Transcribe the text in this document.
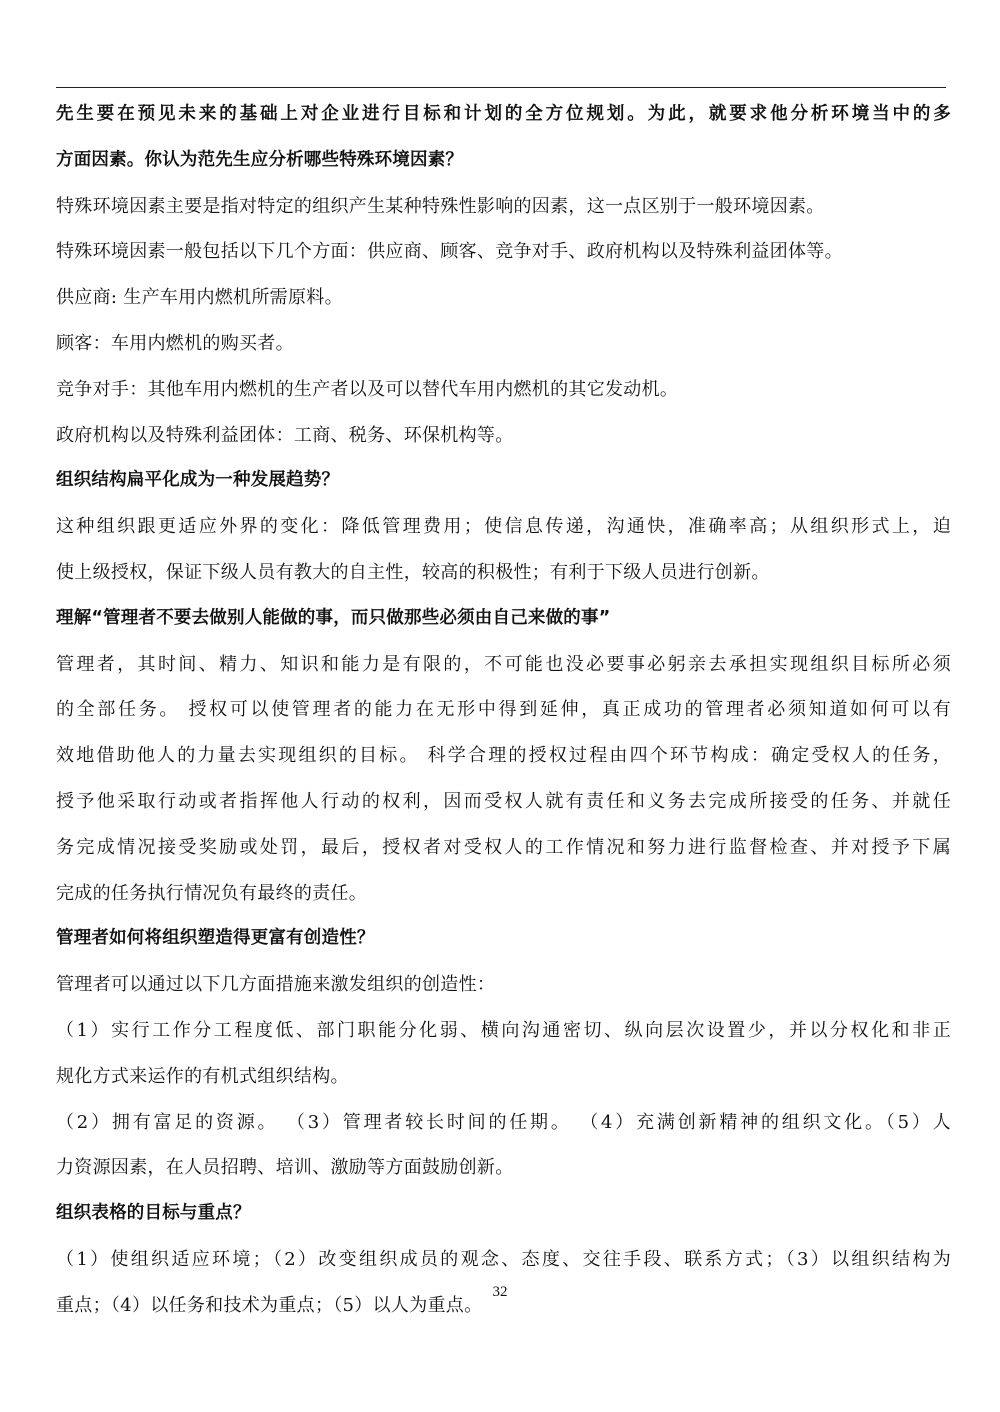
先生要在预见未来的基础上对企业进行目标和计划的全方位规划。为此，就要求他分析环境当中的多
方面因素。你认为范先生应分析哪些特殊环境因素？
特殊环境因素主要是指对特定的组织产生某种特殊性影响的因素，这一点区别于一般环境因素。
特殊环境因素一般包括以下几个方面：供应商、顾客、竞争对手、政府机构以及特殊利益团体等。
供应商: 生产车用内燃机所需原料。
顾客：车用内燃机的购买者。
竞争对手：其他车用内燃机的生产者以及可以替代车用内燃机的其它发动机。
政府机构以及特殊利益团体：工商、税务、环保机构等。
组织结构扁平化成为一种发展趋势？
这种组织跟更适应外界的变化：降低管理费用；使信息传递，沟通快，准确率高；从组织形式上，迫
使上级授权，保证下级人员有教大的自主性，较高的积极性；有利于下级人员进行创新。
理解“管理者不要去做别人能做的事，而只做那些必须由自己来做的事”
管理者，其时间、精力、知识和能力是有限的，不可能也没必要事必躬亲去承担实现组织目标所必须
的全部任务。 授权可以使管理者的能力在无形中得到延伸，真正成功的管理者必须知道如何可以有
效地借助他人的力量去实现组织的目标。 科学合理的授权过程由四个环节构成：确定受权人的任务，
授予他采取行动或者指挥他人行动的权利，因而受权人就有责任和义务去完成所接受的任务、并就任
务完成情况接受奖励或处罚，最后，授权者对受权人的工作情况和努力进行监督检查、并对授予下属
完成的任务执行情况负有最终的责任。
管理者如何将组织塑造得更富有创造性？
管理者可以通过以下几方面措施来激发组织的创造性：
（1）实行工作分工程度低、部门职能分化弱、横向沟通密切、纵向层次设置少，并以分权化和非正
规化方式来运作的有机式组织结构。
（2）拥有富足的资源。 （3）管理者较长时间的任期。 （4）充满创新精神的组织文化。（5）人
力资源因素，在人员招聘、培训、激励等方面鼓励创新。
组织表格的目标与重点？
（1）使组织适应环境；（2）改变组织成员的观念、态度、交往手段、联系方式；（3）以组织结构为
重点；（4）以任务和技术为重点；（5）以人为重点。
32
